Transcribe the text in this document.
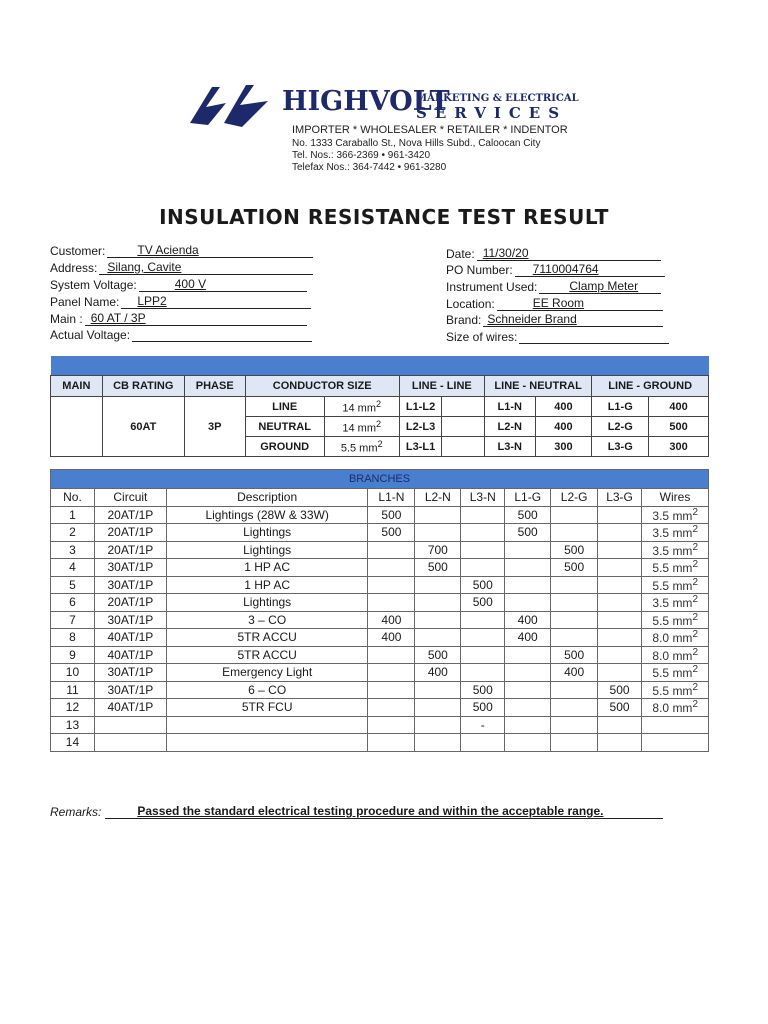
HIGHVOLT
MARKETING & ELECTRICAL
SERVICES
IMPORTER * WHOLESALER * RETAILER * INDENTOR
No. 1333 Caraballo St., Nova Hills Subd., Caloocan City
Tel. Nos.: 366-2369 • 961-3420
Telefax Nos.: 364-7442 • 961-3280
INSULATION RESISTANCE TEST RESULT
Customer:	TV Acienda
Address: Silang, Cavite
System Voltage:	400 V
Panel Name: LPP2
Main : 60 AT / 3P
Actual Voltage:
Date: 11/30/20
PO Number: 7110004764
Instrument Used:	Clamp Meter
Location:	EE Room
Brand: Schneider Brand
Size of wires:

MAIN	CB RATING	PHASE	CONDUCTOR SIZE		LINE - LINE		LINE - NEUTRAL		LINE - GROUND	
	60AT	3P	LINE	14 $mm^2$	L1-L2		L1-N	400	L1-G	400
			NEUTRAL	14 $mm^2$	L2-L3		L2-N	400	L2-G	500
			GROUND	5.5 $mm^2$	L3-L1		L3-N	300	L3-G	300
BRANCHES									
No.	Circuit	Description	L1-N	L2-N	L3-N	L1-G	L2-G	L3-G	Wires
1	20AT/1P	Lightings (28W & 33W)	500			500			3.5 $mm^2$
2	20AT/1P	Lightings	500			500			3.5 $mm^2$
3	20AT/1P	Lightings		700			500		3.5 $mm^2$
4	30AT/1P	1 HP AC		500			500		5.5 $mm^2$
5	30AT/1P	1 HP AC			500				5.5 $mm^2$
6	20AT/1P	Lightings			500				3.5 $mm^2$
7	30AT/1P	3 – CO	400			400			5.5 $mm^2$
8	40AT/1P	5TR ACCU	400			400			8.0 $mm^2$
9	40AT/1P	5TR ACCU		500			500		8.0 $mm^2$
10	30AT/1P	Emergency Light		400			400		5.5 $mm^2$
11	30AT/1P	6 – CO			500			500	5.5 $mm^2$
12	40AT/1P	5TR FCU			500			500	8.0 $mm^2$
13					-				
14									
Remarks:	Passed the standard electrical testing procedure and within the acceptable range.
